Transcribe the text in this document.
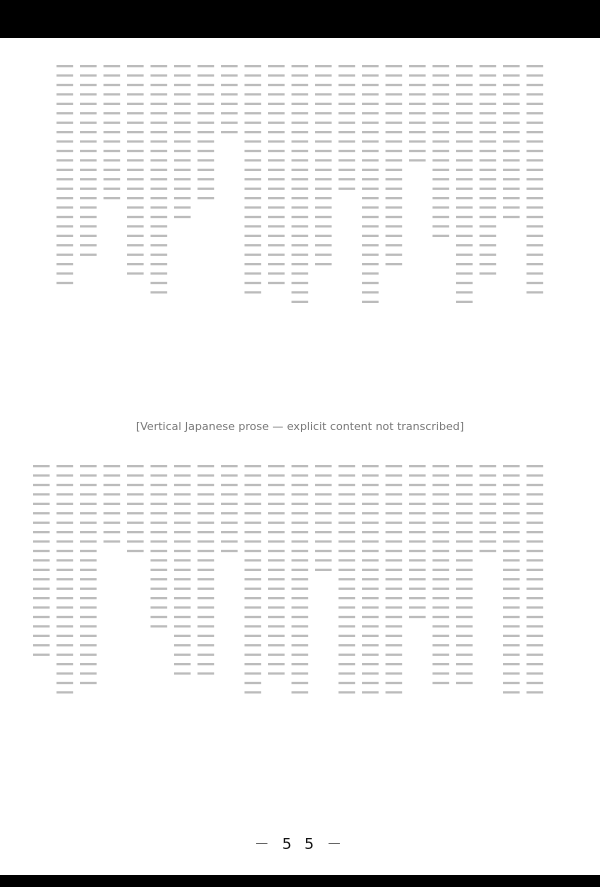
┃┃┃┃┃┃┃┃┃┃┃┃┃┃┃┃┃┃┃┃┃┃┃┃┃
┃┃┃┃┃┃┃┃┃┃┃┃┃┃┃┃┃
┃┃┃┃┃┃┃┃┃┃┃┃┃┃┃┃┃┃┃┃┃┃┃
┃┃┃┃┃┃┃┃┃┃┃┃┃┃┃┃┃┃┃┃┃┃┃┃┃┃
┃┃┃┃┃┃┃┃┃┃┃┃┃┃┃┃┃┃┃
┃┃┃┃┃┃┃┃┃┃┃
┃┃┃┃┃┃┃┃┃┃┃┃┃┃┃┃┃┃┃┃┃┃
┃┃┃┃┃┃┃┃┃┃┃┃┃┃┃┃┃┃┃┃┃┃┃┃┃┃
┃┃┃┃┃┃┃┃┃┃┃┃┃┃
┃┃┃┃┃┃┃┃┃┃┃┃┃┃┃┃┃┃┃┃┃┃
┃┃┃┃┃┃┃┃┃┃┃┃┃┃┃┃┃┃┃┃┃┃┃┃┃┃
┃┃┃┃┃┃┃┃┃┃┃┃┃┃┃┃┃┃┃┃┃┃┃┃
┃┃┃┃┃┃┃┃┃┃┃┃┃┃┃┃┃┃┃┃┃┃┃┃┃
┃┃┃┃┃┃┃┃
┃┃┃┃┃┃┃┃┃┃┃┃┃┃┃
┃┃┃┃┃┃┃┃┃┃┃┃┃┃┃┃┃
┃┃┃┃┃┃┃┃┃┃┃┃┃┃┃┃┃┃┃┃┃┃┃┃┃
┃┃┃┃┃┃┃┃┃┃┃┃┃┃┃┃┃┃┃┃┃┃┃
┃┃┃┃┃┃┃┃┃┃┃┃┃┃┃
┃┃┃┃┃┃┃┃┃┃┃┃┃┃┃┃┃┃┃┃┃
┃┃┃┃┃┃┃┃┃┃┃┃┃┃┃┃┃┃┃┃┃┃┃┃
[Vertical Japanese prose — explicit content not transcribed]
┃┃┃┃┃┃┃┃┃┃┃┃┃┃┃┃┃┃┃┃┃┃┃┃┃
┃┃┃┃┃┃┃┃┃┃┃┃┃┃┃┃┃┃┃┃┃┃┃┃┃
┃┃┃┃┃┃┃┃┃┃
┃┃┃┃┃┃┃┃┃┃┃┃┃┃┃┃┃┃┃┃┃┃┃┃
┃┃┃┃┃┃┃┃┃┃┃┃┃┃┃┃┃┃┃┃┃┃┃┃
┃┃┃┃┃┃┃┃┃┃┃┃┃┃┃┃┃
┃┃┃┃┃┃┃┃┃┃┃┃┃┃┃┃┃┃┃┃┃┃┃┃┃
┃┃┃┃┃┃┃┃┃┃┃┃┃┃┃┃┃┃┃┃┃┃┃┃┃
┃┃┃┃┃┃┃┃┃┃┃┃┃┃┃┃┃┃┃┃┃┃┃┃┃
┃┃┃┃┃┃┃┃┃┃┃┃
┃┃┃┃┃┃┃┃┃┃┃┃┃┃┃┃┃┃┃┃┃┃┃┃┃
┃┃┃┃┃┃┃┃┃┃┃┃┃┃┃┃┃┃┃┃┃┃┃
┃┃┃┃┃┃┃┃┃┃┃┃┃┃┃┃┃┃┃┃┃┃┃┃┃
┃┃┃┃┃┃┃┃┃┃
┃┃┃┃┃┃┃┃┃┃┃┃┃┃┃┃┃┃┃┃┃┃┃
┃┃┃┃┃┃┃┃┃┃┃┃┃┃┃┃┃┃┃┃┃┃┃
┃┃┃┃┃┃┃┃┃┃┃┃┃┃┃┃┃┃
┃┃┃┃┃┃┃┃┃┃
┃┃┃┃┃┃┃┃┃
┃┃┃┃┃┃┃┃┃┃┃┃┃┃┃┃┃┃┃┃┃┃┃┃
┃┃┃┃┃┃┃┃┃┃┃┃┃┃┃┃┃┃┃┃┃┃┃┃┃
┃┃┃┃┃┃┃┃┃┃┃┃┃┃┃┃┃┃┃┃┃
－ 5 5 －
